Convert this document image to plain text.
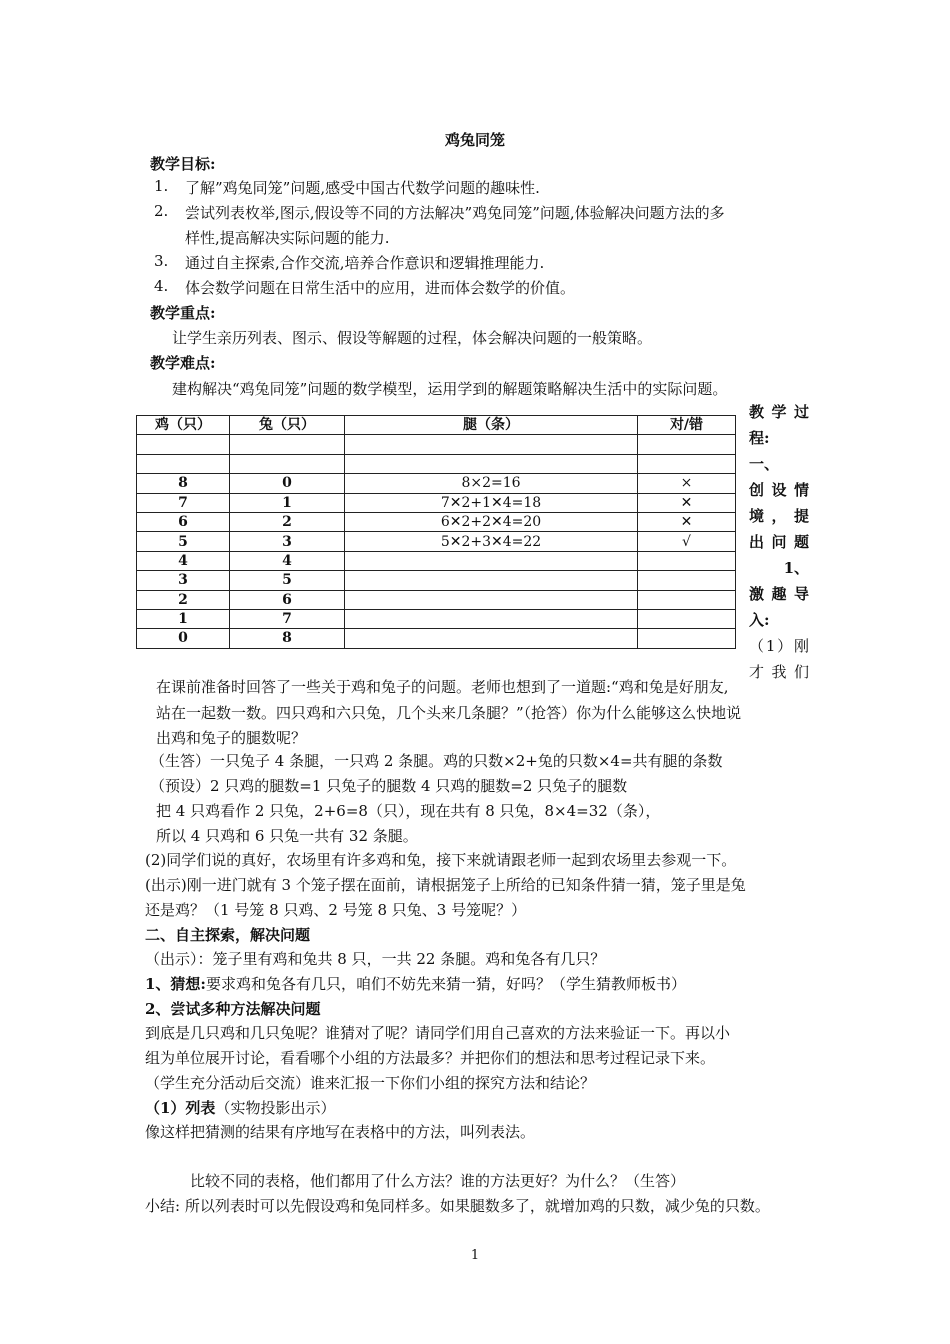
鸡兔同笼
教学目标:
1. 了解”鸡兔同笼”问题,感受中国古代数学问题的趣味性.
2. 尝试列表枚举,图示,假设等不同的方法解决”鸡兔同笼”问题,体验解决问题方法的多
样性,提高解决实际问题的能力.
3. 通过自主探索,合作交流,培养合作意识和逻辑推理能力.
4. 体会数学问题在日常生活中的应用，进而体会数学的价值。
教学重点:
让学生亲历列表、图示、假设等解题的过程，体会解决问题的一般策略。
教学难点:
建构解决“鸡兔同笼”问题的数学模型，运用学到的解题策略解决生活中的实际问题。
鸡（只）	兔（只）	腿（条）	对/错

8	0	8×2=16	×
7	1	7✕2+1✕4=18	✕
6	2	6✕2+2✕4=20	✕
5	3	5✕2+3✕4=22	√
4	4		
3	5		
2	6		
1	7		
0	8		
教学过
程:
一、
创设情
境，提
出问题
1、
激趣导
入:
（1）刚
才我们
在课前准备时回答了一些关于鸡和兔子的问题。老师也想到了一道题:“鸡和兔是好朋友,
站在一起数一数。四只鸡和六只兔，几个头来几条腿？”（抢答）你为什么能够这么快地说
出鸡和兔子的腿数呢？
（生答）一只兔子 4 条腿，一只鸡 2 条腿。鸡的只数×2+兔的只数×4=共有腿的条数
（预设）2 只鸡的腿数=1 只兔子的腿数 4 只鸡的腿数=2 只兔子的腿数
把 4 只鸡看作 2 只兔，2+6=8（只），现在共有 8 只兔，8×4=32（条），
所以 4 只鸡和 6 只兔一共有 32 条腿。
(2)同学们说的真好，农场里有许多鸡和兔，接下来就请跟老师一起到农场里去参观一下。
(出示)刚一进门就有 3 个笼子摆在面前，请根据笼子上所给的已知条件猜一猜，笼子里是兔
还是鸡？（1 号笼 8 只鸡、2 号笼 8 只兔、3 号笼呢？）
二、自主探索，解决问题
（出示）：笼子里有鸡和兔共 8 只，一共 22 条腿。鸡和兔各有几只？
1、猜想:要求鸡和兔各有几只，咱们不妨先来猜一猜，好吗？（学生猜教师板书）
2、尝试多种方法解决问题
到底是几只鸡和几只兔呢？谁猜对了呢？请同学们用自己喜欢的方法来验证一下。再以小
组为单位展开讨论，看看哪个小组的方法最多？并把你们的想法和思考过程记录下来。
（学生充分活动后交流）谁来汇报一下你们小组的探究方法和结论？
（1）列表（实物投影出示）
像这样把猜测的结果有序地写在表格中的方法，叫列表法。
比较不同的表格，他们都用了什么方法？谁的方法更好？为什么？（生答）
小结: 所以列表时可以先假设鸡和兔同样多。如果腿数多了，就增加鸡的只数，减少兔的只数。
1
